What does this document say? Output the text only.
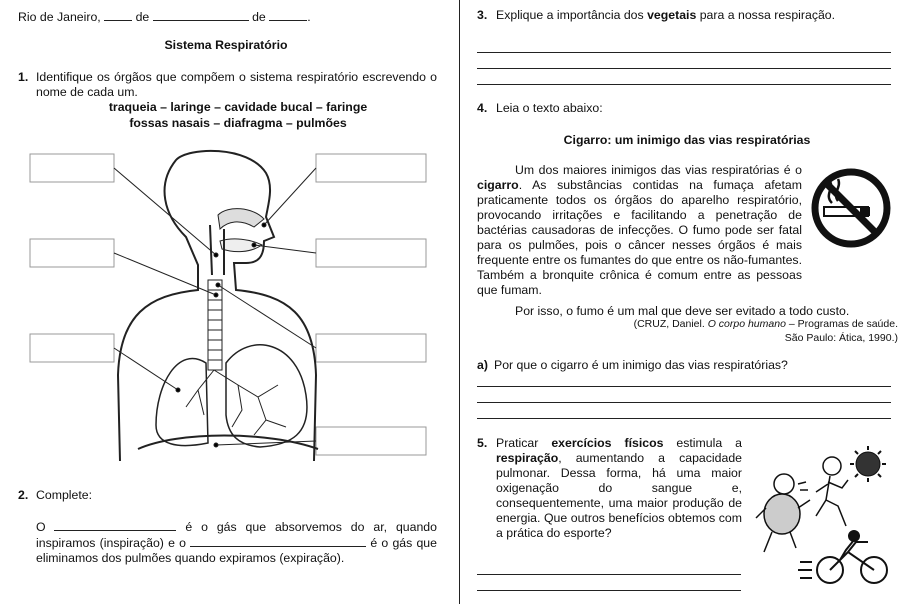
Rio de Janeiro,	de	de	.
Sistema Respiratório
1. Identifique os órgãos que compõem o sistema respiratório escrevendo o nome de cada um.
traqueia – laringe – cavidade bucal – faringe
fossas nasais – diafragma – pulmões
2. Complete:
O	é o gás que absorvemos do ar, quando inspiramos (inspiração) e o	é o gás que eliminamos dos pulmões quando expiramos (expiração).
3. Explique a importância dos vegetais para a nossa respiração.
4. Leia o texto abaixo:
Cigarro: um inimigo das vias respiratórias
Um dos maiores inimigos das vias respiratórias é o cigarro. As substâncias contidas na fumaça afetam praticamente todos os órgãos do aparelho respiratório, provocando irritações e facilitando a penetração de bactérias causadoras de infecções. O fumo pode ser fatal para os pulmões, pois o câncer nesses órgãos é mais frequente entre os fumantes do que entre os não-fumantes. Também a bronquite crônica é comum entre as pessoas que fumam.
Por isso, o fumo é um mal que deve ser evitado a todo custo.
(CRUZ, Daniel. O corpo humano – Programas de saúde.
São Paulo: Ática, 1990.)
a) Por que o cigarro é um inimigo das vias respiratórias?
5. Praticar exercícios físicos estimula a respiração, aumentando a capacidade pulmonar. Dessa forma, há uma maior oxigenação do sangue e, consequentemente, uma maior produção de energia. Que outros benefícios obtemos com a prática do esporte?
